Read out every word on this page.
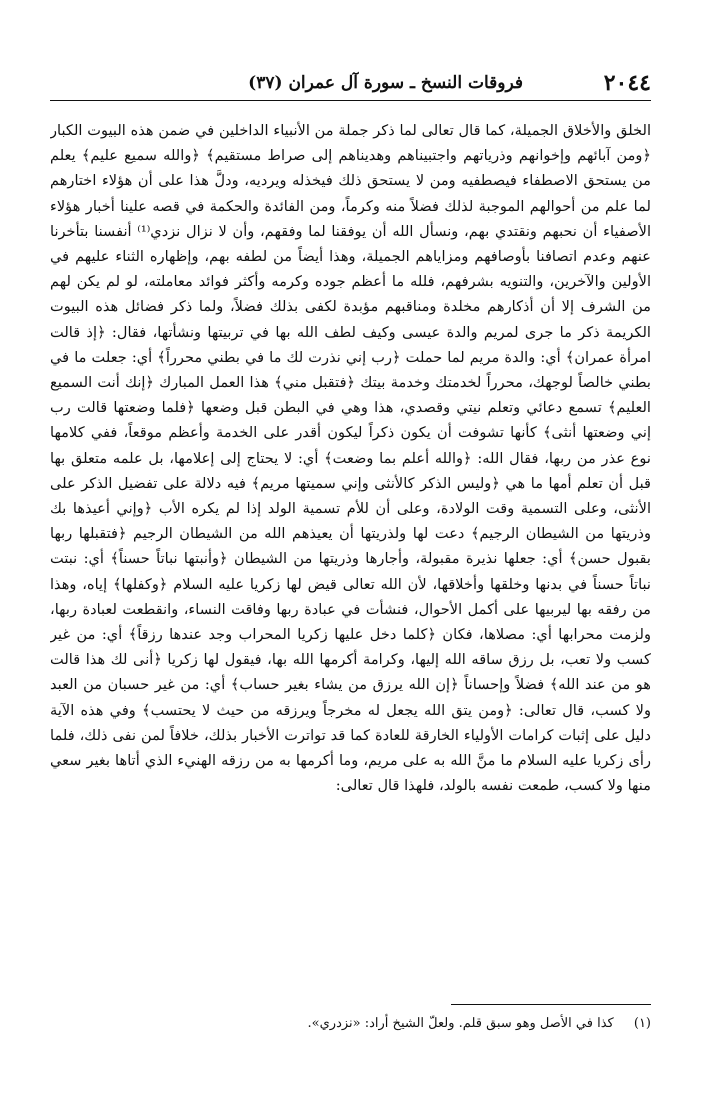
٢٠٤٤
فروقات النسخ ـ سورة آل عمران (٣٧)

الخلق والأخلاق الجميلة، كما قال تعالى لما ذكر جملة من الأنبياء الداخلين في ضمن هذه البيوت الكبار ﴿ومن آبائهم وإخوانهم وذرياتهم واجتبيناهم وهديناهم إلى صراط مستقيم﴾ ﴿والله سميع عليم﴾ يعلم من يستحق الاصطفاء فيصطفيه ومن لا يستحق ذلك فيخذله ويرديه، ودلَّ هذا على أن هؤلاء اختارهم لما علم من أحوالهم الموجبة لذلك فضلاً منه وكرماً، ومن الفائدة والحكمة في قصه علينا أخبار هؤلاء الأصفياء أن نحبهم ونقتدي بهم، ونسأل الله أن يوفقنا لما وفقهم، وأن لا نزال نزدي⁽¹⁾ أنفسنا بتأخرنا عنهم وعدم اتصافنا بأوصافهم ومزاياهم الجميلة، وهذا أيضاً من لطفه بهم، وإظهاره الثناء عليهم في الأولين والآخرين، والتنويه بشرفهم، فلله ما أعظم جوده وكرمه وأكثر فوائد معاملته، لو لم يكن لهم من الشرف إلا أن أذكارهم مخلدة ومناقبهم مؤبدة لكفى بذلك فضلاً، ولما ذكر فضائل هذه البيوت الكريمة ذكر ما جرى لمريم والدة عيسى وكيف لطف الله بها في تربيتها ونشأتها، فقال: ﴿إذ قالت امرأة عمران﴾ أي: والدة مريم لما حملت ﴿رب إني نذرت لك ما في بطني محرراً﴾ أي: جعلت ما في بطني خالصاً لوجهك، محرراً لخدمتك وخدمة بيتك ﴿فتقبل مني﴾ هذا العمل المبارك ﴿إنك أنت السميع العليم﴾ تسمع دعائي وتعلم نيتي وقصدي، هذا وهي في البطن قبل وضعها ﴿فلما وضعتها قالت رب إني وضعتها أنثى﴾ كأنها تشوفت أن يكون ذكراً ليكون أقدر على الخدمة وأعظم موقعاً، ففي كلامها نوع عذر من ربها، فقال الله: ﴿والله أعلم بما وضعت﴾ أي: لا يحتاج إلى إعلامها، بل علمه متعلق بها قبل أن تعلم أمها ما هي ﴿وليس الذكر كالأنثى وإني سميتها مريم﴾ فيه دلالة على تفضيل الذكر على الأنثى، وعلى التسمية وقت الولادة، وعلى أن للأم تسمية الولد إذا لم يكره الأب ﴿وإني أعيذها بك وذريتها من الشيطان الرجيم﴾ دعت لها ولذريتها أن يعيذهم الله من الشيطان الرجيم ﴿فتقبلها ربها بقبول حسن﴾ أي: جعلها نذيرة مقبولة، وأجارها وذريتها من الشيطان ﴿وأنبتها نباتاً حسناً﴾ أي: نبتت نباتاً حسناً في بدنها وخلقها وأخلاقها، لأن الله تعالى قيض لها زكريا عليه السلام ﴿وكفلها﴾ إياه، وهذا من رفقه بها ليربيها على أكمل الأحوال، فنشأت في عبادة ربها وفاقت النساء، وانقطعت لعبادة ربها، ولزمت محرابها أي: مصلاها، فكان ﴿كلما دخل عليها زكريا المحراب وجد عندها رزقاً﴾ أي: من غير كسب ولا تعب، بل رزق ساقه الله إليها، وكرامة أكرمها الله بها، فيقول لها زكريا ﴿أنى لك هذا قالت هو من عند الله﴾ فضلاً وإحساناً ﴿إن الله يرزق من يشاء بغير حساب﴾ أي: من غير حسبان من العبد ولا كسب، قال تعالى: ﴿ومن يتق الله يجعل له مخرجاً ويرزقه من حيث لا يحتسب﴾ وفي هذه الآية دليل على إثبات كرامات الأولياء الخارقة للعادة كما قد تواترت الأخبار بذلك، خلافاً لمن نفى ذلك، فلما رأى زكريا عليه السلام ما منَّ الله به على مريم، وما أكرمها به من رزقه الهنيء الذي أتاها بغير سعي منها ولا كسب، طمعت نفسه بالولد، فلهذا قال تعالى:

(١) كذا في الأصل وهو سبق قلم. ولعلّ الشيخ أراد: «نزدري».
